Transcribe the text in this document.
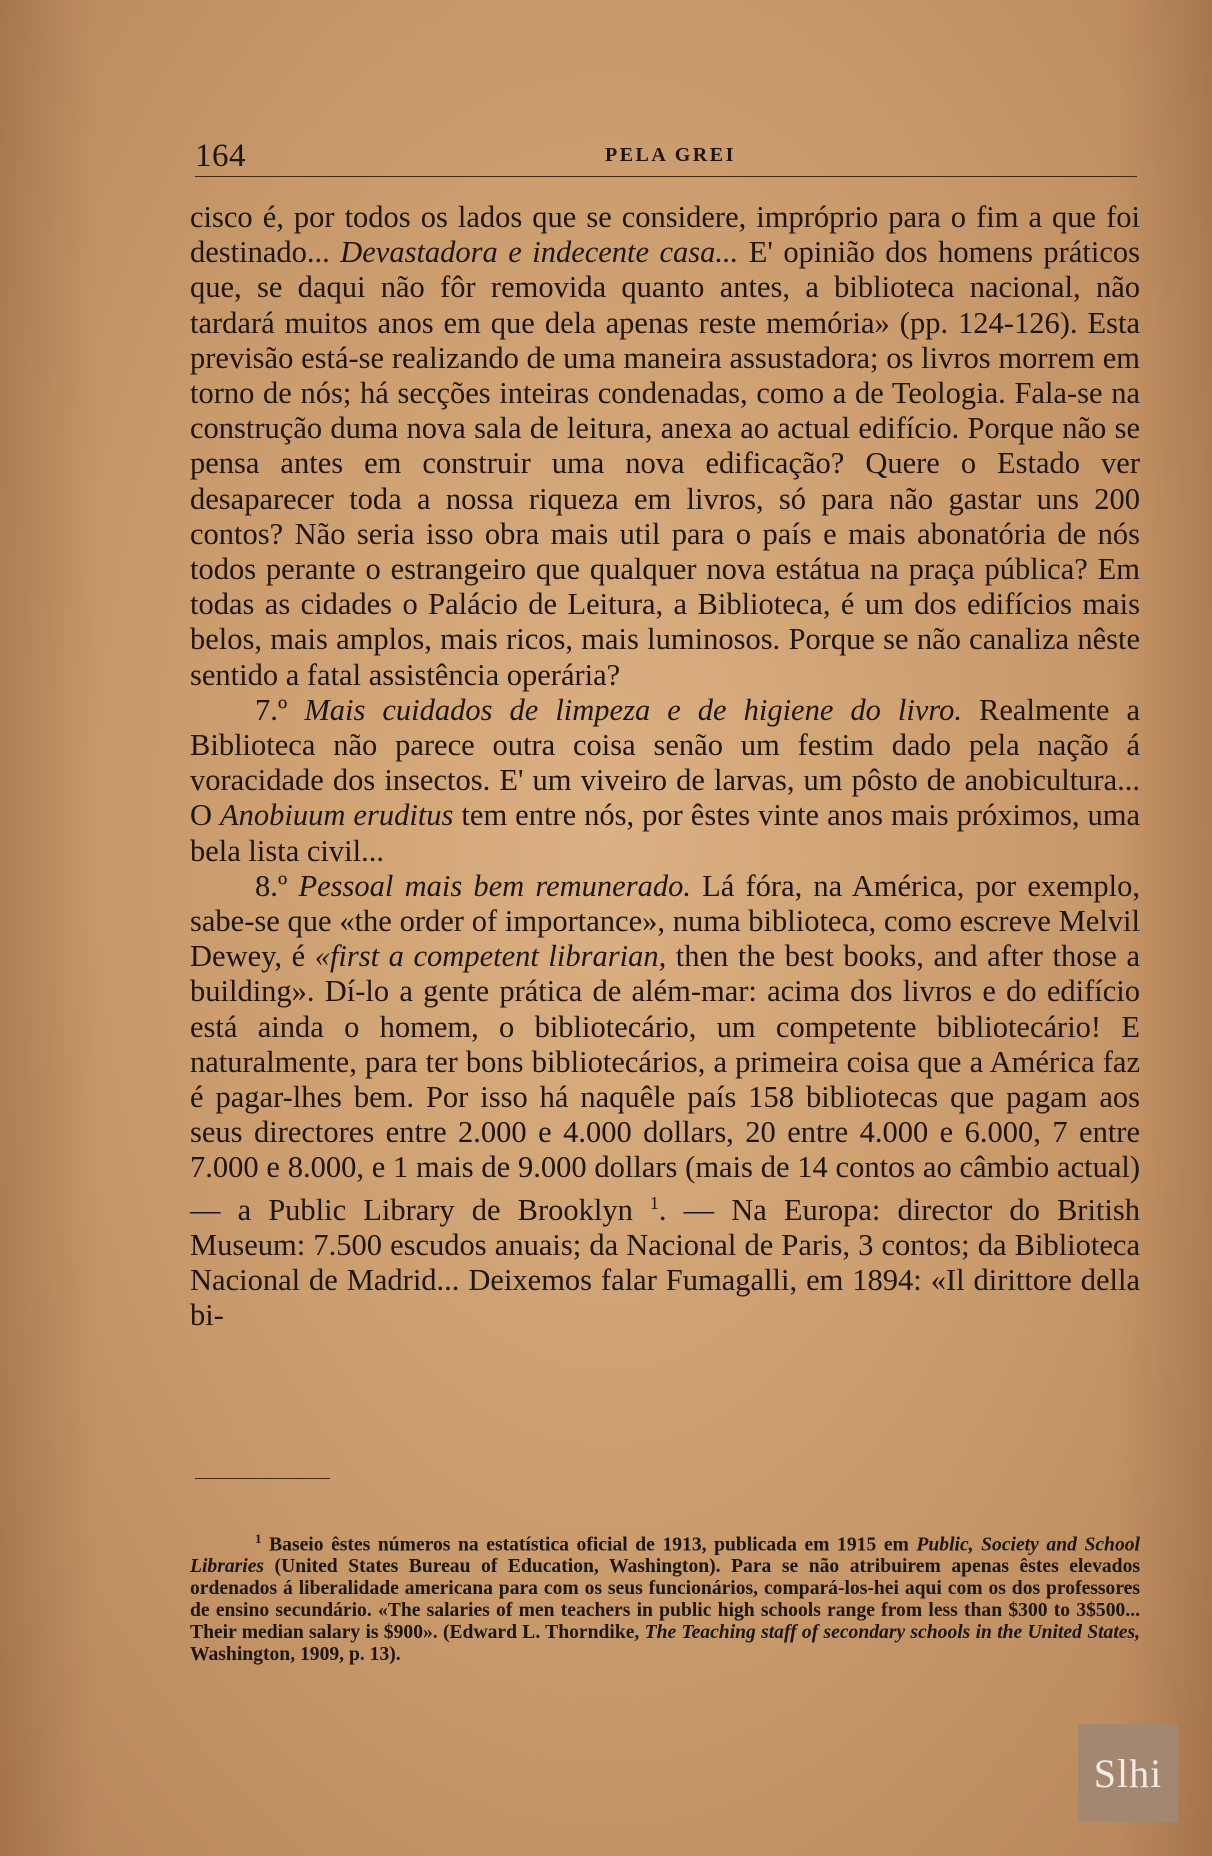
164	PELA GREI

cisco é, por todos os lados que se considere, impróprio para o fim a que foi destinado... Devastadora e indecente casa... E' opinião dos homens práticos que, se daqui não fôr removida quanto antes, a biblioteca nacional, não tardará muitos anos em que dela apenas reste memória» (pp. 124-126). Esta previsão está-se realizando de uma maneira assustadora; os livros morrem em torno de nós; há secções inteiras condenadas, como a de Teologia. Fala-se na construção duma nova sala de leitura, anexa ao actual edifício. Porque não se pensa antes em construir uma nova edificação? Quere o Estado ver desaparecer toda a nossa riqueza em livros, só para não gastar uns 200 contos? Não seria isso obra mais util para o país e mais abonatória de nós todos perante o estrangeiro que qualquer nova estátua na praça pública? Em todas as cidades o Palácio de Leitura, a Biblioteca, é um dos edifícios mais belos, mais amplos, mais ricos, mais luminosos. Porque se não canaliza nêste sentido a fatal assistência operária?

7.º Mais cuidados de limpeza e de higiene do livro. Realmente a Biblioteca não parece outra coisa senão um festim dado pela nação á voracidade dos insectos. E' um viveiro de larvas, um pôsto de anobicultura... O Anobiuum eruditus tem entre nós, por êstes vinte anos mais próximos, uma bela lista civil...

8.º Pessoal mais bem remunerado. Lá fóra, na América, por exemplo, sabe-se que «the order of importance», numa biblioteca, como escreve Melvil Dewey, é «first a competent librarian, then the best books, and after those a building». Dí-lo a gente prática de além-mar: acima dos livros e do edifício está ainda o homem, o bibliotecário, um competente bibliotecário! E naturalmente, para ter bons bibliotecários, a primeira coisa que a América faz é pagar-lhes bem. Por isso há naquêle país 158 bibliotecas que pagam aos seus directores entre 2.000 e 4.000 dollars, 20 entre 4.000 e 6.000, 7 entre 7.000 e 8.000, e 1 mais de 9.000 dollars (mais de 14 contos ao câmbio actual) — a Public Library de Brooklyn $^1$. — Na Europa: director do British Museum: 7.500 escudos anuais; da Nacional de Paris, 3 contos; da Biblioteca Nacional de Madrid... Deixemos falar Fumagalli, em 1894: «Il dirittore della bi-

$^1$ Baseio êstes números na estatística oficial de 1913, publicada em 1915 em Public, Society and School Libraries (United States Bureau of Education, Washington). Para se não atribuirem apenas êstes elevados ordenados á liberalidade americana para com os seus funcionários, compará-los-hei aqui com os dos professores de ensino secundário. «The salaries of men teachers in public high schools range from less than $300 to 3$500... Their median salary is $900». (Edward L. Thorndike, The Teaching staff of secondary schools in the United States, Washington, 1909, p. 13).
Slhi
